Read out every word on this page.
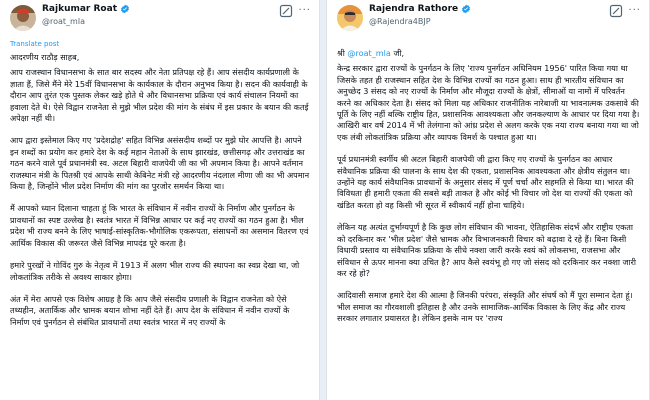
Rajkumar Roat
@roat_mla
···
Translate post

आदरणीय राठौड़ साहब,

आप राजस्थान विधानसभा के सात बार सदस्य और नेता प्रतिपक्ष रहे हैं। आप संसदीय कार्यप्रणाली के ज्ञाता हैं, जिसे मैंने मेरे 15वीं विधानसभा के कार्यकाल के दौरान अनुभव किया है। सदन की कार्यवाही के दौरान आप तुरंत एक पुस्तक लेकर खड़े होते थे और विधानसभा प्रक्रिया एवं कार्य संचालन नियमों का हवाला देते थे। ऐसे विद्वान राजनेता से मुझे भील प्रदेश की मांग के संबंध में इस प्रकार के बयान की कतई अपेक्षा नहीं थी।

आप द्वारा इस्तेमाल किए गए 'प्रदेशद्रोह' सहित विभिन्न असंसदीय शब्दों पर मुझे घोर आपत्ति है। आपने इन शब्दों का प्रयोग कर हमारे देश के कई महान नेताओं के साथ झारखंड, छत्तीसगढ़ और उत्तराखंड का गठन करने वाले पूर्व प्रधानमंत्री स्व. अटल बिहारी वाजपेयी जी का भी अपमान किया है। आपने वर्तमान राजस्थान मंत्री के पितश्री एवं आपके साथी केबिनेट मंत्री रहे आदरणीय नंदलाल मीणा जी का भी अपमान किया है, जिन्होंने भील प्रदेश निर्माण की मांग का पुरजोर समर्थन किया था।

मैं आपको ध्यान दिलाना चाहता हूं कि भारत के संविधान में नवीन राज्यों के निर्माण और पुनर्गठन के प्रावधानों का स्पष्ट उल्लेख है। स्वतंत्र भारत में विभिन्न आधार पर कई नए राज्यों का गठन हुआ है। भील प्रदेश भी राज्य बनने के लिए भाषाई-सांस्कृतिक-भौगोलिक एकरूपता, संसाधनों का असमान वितरण एवं आर्थिक विकास की जरूरत जैसे विभिन्न मापदंड पूरे करता है।

हमारे पुरखों ने गोविंद गुरु के नेतृत्व में 1913 में अलग भील राज्य की स्थापना का स्वप्न देखा था, जो लोकतांत्रिक तरीके से अवश्य साकार होगा।

अंत में मेरा आपसे एक विशेष आग्रह है कि आप जैसे संसदीय प्रणाली के विद्वान राजनेता को ऐसे तथ्यहीन, अतार्किक और भ्रामक बयान शोभा नहीं देते हैं। आप देश के संविधान में नवीन राज्यों के निर्माण एवं पुनर्गठन से संबंधित प्रावधानों तथा स्वतंत्र भारत में नए राज्यों के

Rajendra Rathore
@Rajendra4BJP
···

श्री @roat_mla जी,

केन्द्र सरकार द्वारा राज्यों के पुनर्गठन के लिए 'राज्य पुनर्गठन अधिनियम 1956' पारित किया गया था जिसके तहत ही राजस्थान सहित देश के विभिन्न राज्यों का गठन हुआ। साथ ही भारतीय संविधान का अनुच्छेद 3 संसद को नए राज्यों के निर्माण और मौजूदा राज्यों के क्षेत्रों, सीमाओं या नामों में परिवर्तन करने का अधिकार देता है। संसद को मिला यह अधिकार राजनीतिक नारेबाजी या भावनात्मक उकसावे की पूर्ति के लिए नहीं बल्कि राष्ट्रीय हित, प्रशासनिक आवश्यकता और जनकल्याण के आधार पर दिया गया है। आखिरी बार वर्ष 2014 में भी तेलंगाना को आंध्र प्रदेश से अलग करके एक नया राज्य बनाया गया था जो एक लंबी लोकतांत्रिक प्रक्रिया और व्यापक विमर्श के पश्चात हुआ था।

पूर्व प्रधानमंत्री स्वर्गीय श्री अटल बिहारी वाजपेयी जी द्वारा किए गए राज्यों के पुनर्गठन का आधार संवैधानिक प्रक्रिया की पालना के साथ देश की एकता, प्रशासनिक आवश्यकता और क्षेत्रीय संतुलन था। उन्होंने यह कार्य संवैधानिक प्रावधानों के अनुसार संसद में पूर्ण चर्चा और सहमति से किया था। भारत की विविधता ही हमारी एकता की सबसे बड़ी ताकत है और कोई भी विचार जो देश या राज्यों की एकता को खंडित करता हो वह किसी भी सूरत में स्वीकार्य नहीं होना चाहिये।

लेकिन यह अत्यंत दुर्भाग्यपूर्ण है कि कुछ लोग संविधान की भावना, ऐतिहासिक संदर्भ और राष्ट्रीय एकता को दरकिनार कर 'भील प्रदेश' जैसे भ्रामक और विभाजनकारी विचार को बढ़ावा दे रहे हैं। बिना किसी विधायी प्रस्ताव या संवैधानिक प्रक्रिया के सीधे नक्शा जारी करके स्वयं को लोकसभा, राजसभा और संविधान से ऊपर मानना क्या उचित है? आप कैसे स्वयंभू हो गए जो संसद को दरकिनार कर नक्शा जारी कर रहे हो?

आदिवासी समाज हमारे देश की आत्मा है जिनकी परंपरा, संस्कृति और संघर्ष को मैं पूरा सम्मान देता हूं। भील समाज का गौरवशाली इतिहास है और उनके सामाजिक-आर्थिक विकास के लिए केंद्र और राज्य सरकार लगातार प्रयासरत है। लेकिन इसके नाम पर 'राज्य
